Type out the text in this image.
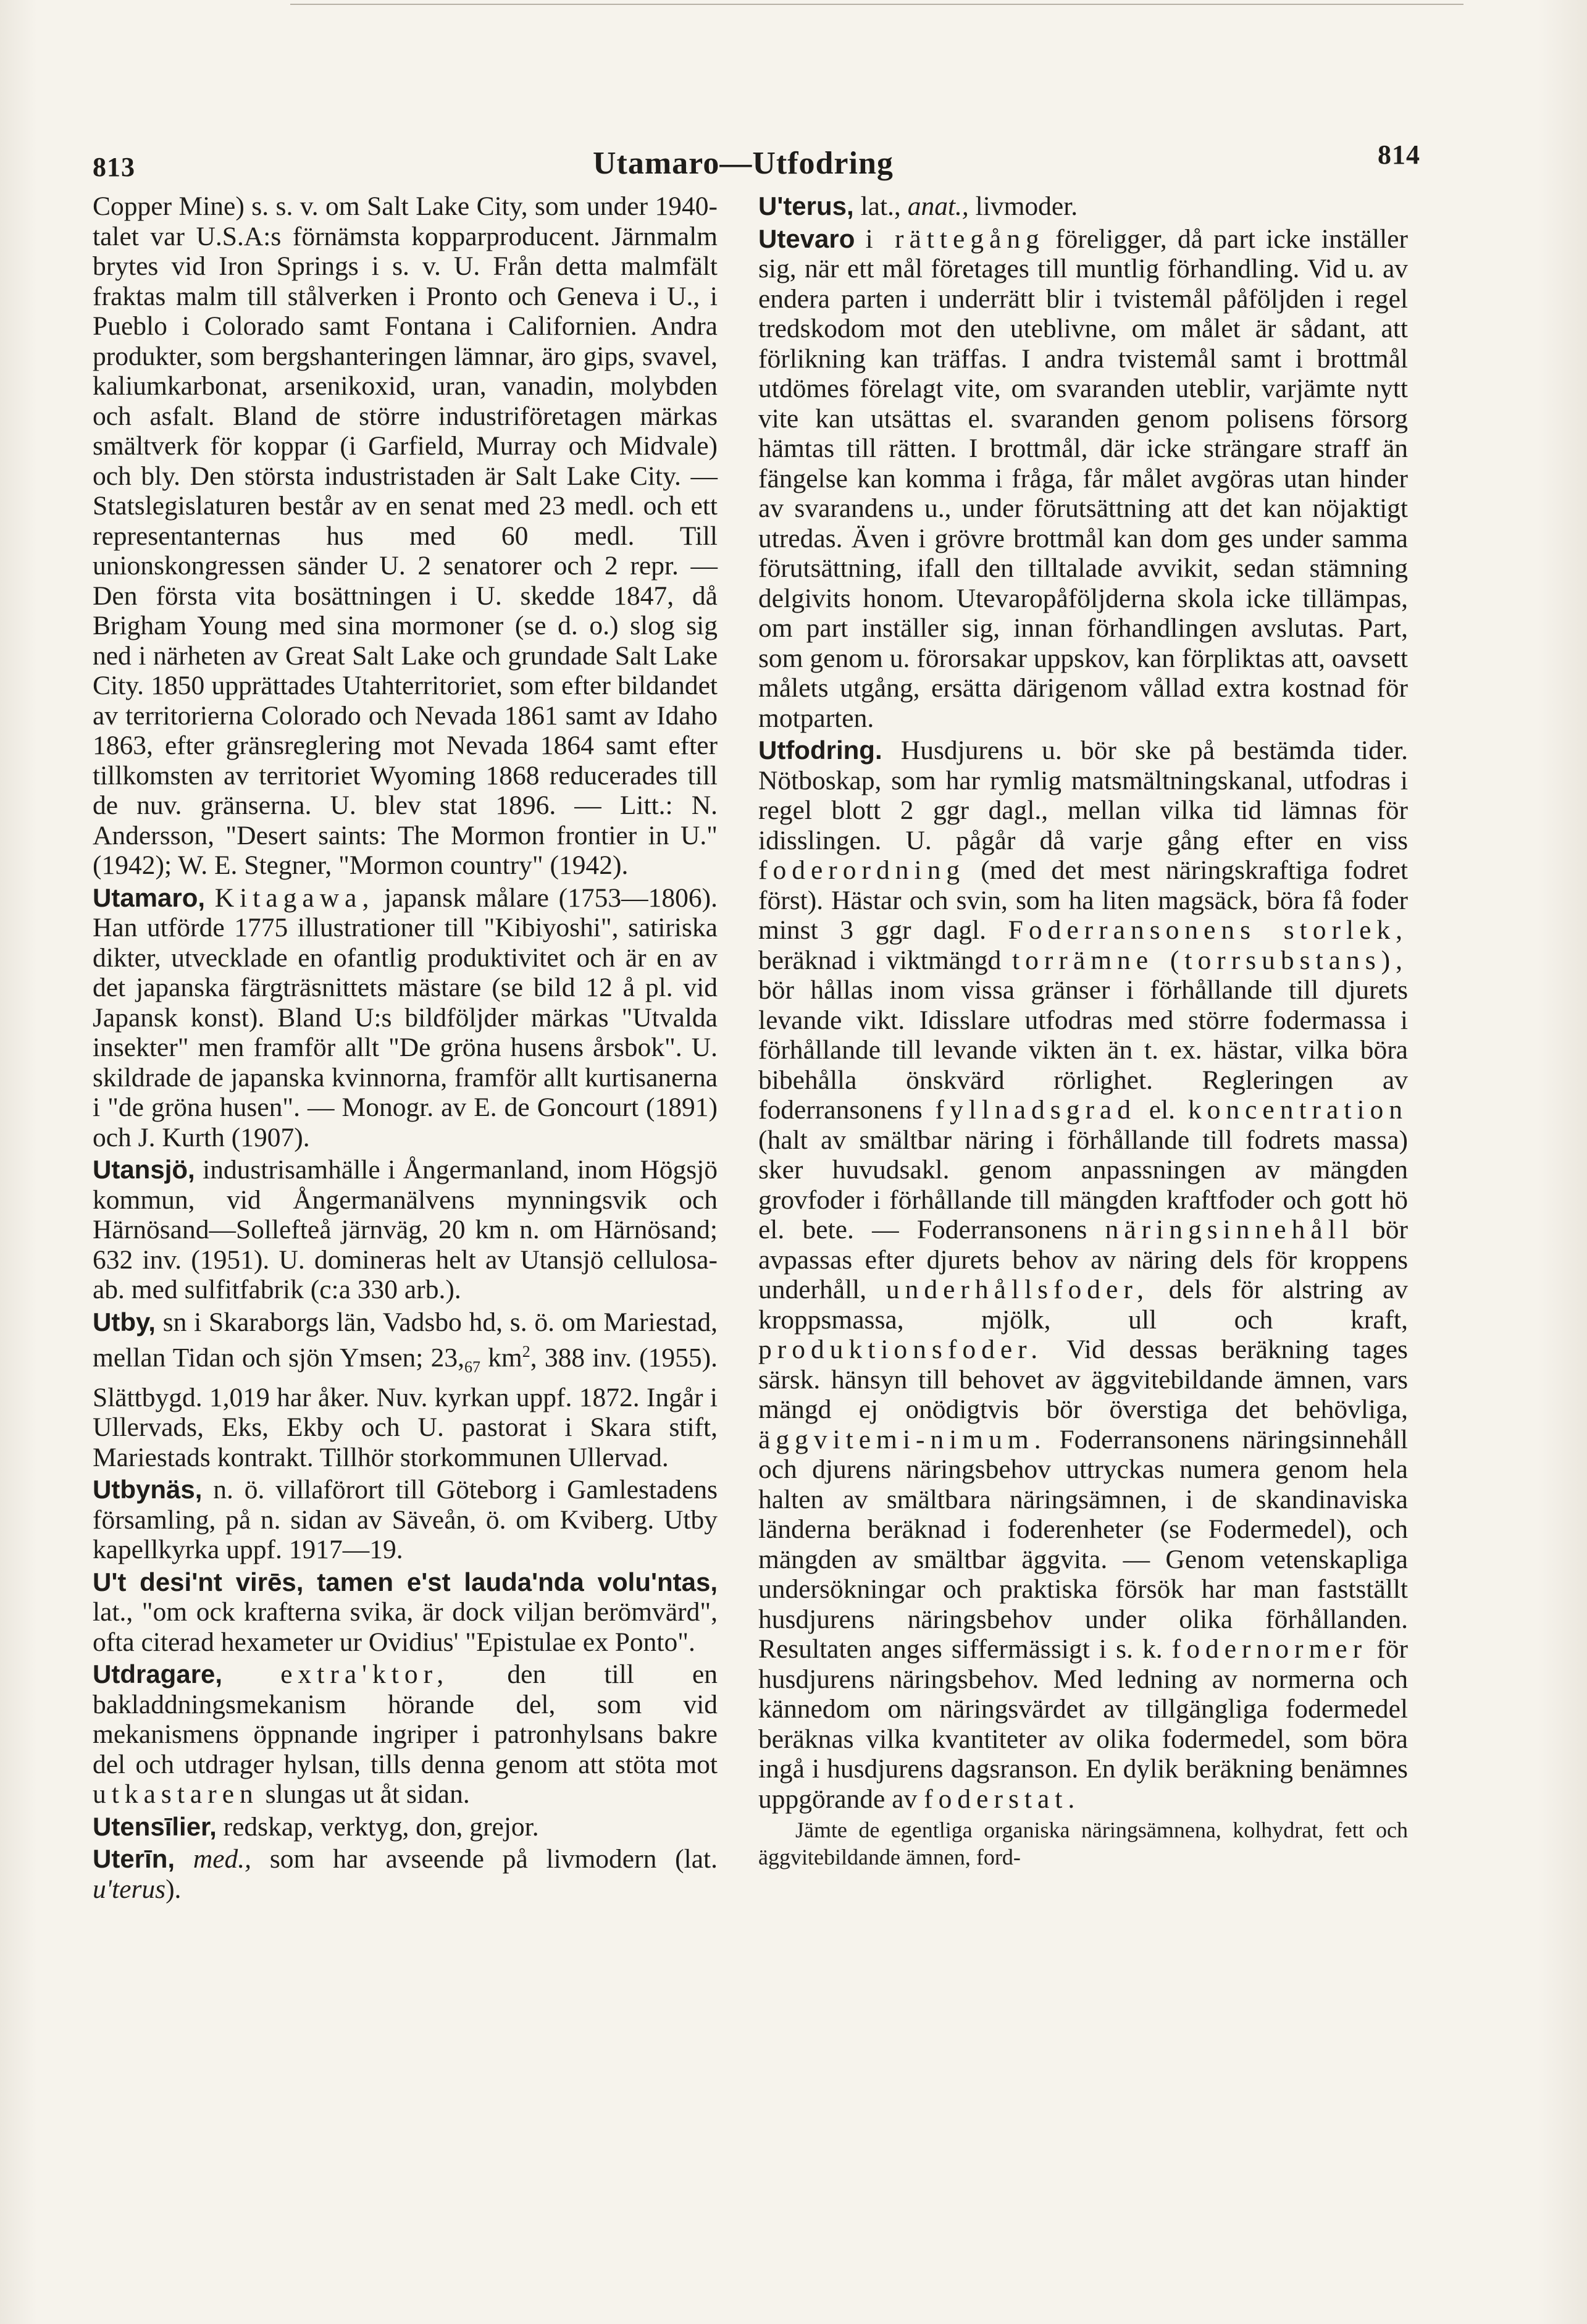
813	Utamaro—Utfodring	814

Copper Mine) s. s. v. om Salt Lake City, som under 1940-talet var U.S.A:s förnämsta kopparproducent. Järnmalm brytes vid Iron Springs i s. v. U. Från detta malmfält fraktas malm till stålverken i Pronto och Geneva i U., i Pueblo i Colorado samt Fontana i Californien. Andra produkter, som bergshanteringen lämnar, äro gips, svavel, kaliumkarbonat, arsenikoxid, uran, vanadin, molybden och asfalt. Bland de större industriföretagen märkas smältverk för koppar (i Garfield, Murray och Midvale) och bly. Den största industristaden är Salt Lake City. — Statslegislaturen består av en senat med 23 medl. och ett representanternas hus med 60 medl. Till unionskongressen sänder U. 2 senatorer och 2 repr. — Den första vita bosättningen i U. skedde 1847, då Brigham Young med sina mormoner (se d. o.) slog sig ned i närheten av Great Salt Lake och grundade Salt Lake City. 1850 upprättades Utahterritoriet, som efter bildandet av territorierna Colorado och Nevada 1861 samt av Idaho 1863, efter gränsreglering mot Nevada 1864 samt efter tillkomsten av territoriet Wyoming 1868 reducerades till de nuv. gränserna. U. blev stat 1896. — Litt.: N. Andersson, "Desert saints: The Mormon frontier in U." (1942); W. E. Stegner, "Mormon country" (1942).

Utamaro, Kitagawa, japansk målare (1753—1806). Han utförde 1775 illustrationer till "Kibiyoshi", satiriska dikter, utvecklade en ofantlig produktivitet och är en av det japanska färgträsnittets mästare (se bild 12 å pl. vid Japansk konst). Bland U:s bildföljder märkas "Utvalda insekter" men framför allt "De gröna husens årsbok". U. skildrade de japanska kvinnorna, framför allt kurtisanerna i "de gröna husen". — Monogr. av E. de Goncourt (1891) och J. Kurth (1907).

Utansjö, industrisamhälle i Ångermanland, inom Högsjö kommun, vid Ångermanälvens mynningsvik och Härnösand—Sollefteå järnväg, 20 km n. om Härnösand; 632 inv. (1951). U. domineras helt av Utansjö cellulosa-ab. med sulfitfabrik (c:a 330 arb.).

Utby, sn i Skaraborgs län, Vadsbo hd, s. ö. om Mariestad, mellan Tidan och sjön Ymsen; $23,_{67}$ $km^2$, 388 inv. (1955). Slättbygd. 1,019 har åker. Nuv. kyrkan uppf. 1872. Ingår i Ullervads, Eks, Ekby och U. pastorat i Skara stift, Mariestads kontrakt. Tillhör storkommunen Ullervad.

Utbynäs, n. ö. villaförort till Göteborg i Gamlestadens församling, på n. sidan av Säveån, ö. om Kviberg. Utby kapellkyrka uppf. 1917—19.

U't desi'nt virēs, tamen e'st lauda'nda volu'ntas, lat., "om ock krafterna svika, är dock viljan berömvärd", ofta citerad hexameter ur Ovidius' "Epistulae ex Ponto".

Utdragare, extra'ktor, den till en bakladdningsmekanism hörande del, som vid mekanismens öppnande ingriper i patronhylsans bakre del och utdrager hylsan, tills denna genom att stöta mot utkastaren slungas ut åt sidan.

Utensīlier, redskap, verktyg, don, grejor.

Uterīn, med., som har avseende på livmodern (lat. u'terus).

U'terus, lat., anat., livmoder.

Utevaro i rättegång föreligger, då part icke inställer sig, när ett mål företages till muntlig förhandling. Vid u. av endera parten i underrätt blir i tvistemål påföljden i regel tredskodom mot den uteblivne, om målet är sådant, att förlikning kan träffas. I andra tvistemål samt i brottmål utdömes förelagt vite, om svaranden uteblir, varjämte nytt vite kan utsättas el. svaranden genom polisens försorg hämtas till rätten. I brottmål, där icke strängare straff än fängelse kan komma i fråga, får målet avgöras utan hinder av svarandens u., under förutsättning att det kan nöjaktigt utredas. Även i grövre brottmål kan dom ges under samma förutsättning, ifall den tilltalade avvikit, sedan stämning delgivits honom. Utevaropåföljderna skola icke tillämpas, om part inställer sig, innan förhandlingen avslutas. Part, som genom u. förorsakar uppskov, kan förpliktas att, oavsett målets utgång, ersätta därigenom vållad extra kostnad för motparten.

Utfodring. Husdjurens u. bör ske på bestämda tider. Nötboskap, som har rymlig matsmältningskanal, utfodras i regel blott 2 ggr dagl., mellan vilka tid lämnas för idisslingen. U. pågår då varje gång efter en viss foderordning (med det mest näringskraftiga fodret först). Hästar och svin, som ha liten magsäck, böra få foder minst 3 ggr dagl. Foderransonens storlek, beräknad i viktmängd torrämne (torrsubstans), bör hållas inom vissa gränser i förhållande till djurets levande vikt. Idisslare utfodras med större fodermassa i förhållande till levande vikten än t. ex. hästar, vilka böra bibehålla önskvärd rörlighet. Regleringen av foderransonens fyllnadsgrad el. koncentration (halt av smältbar näring i förhållande till fodrets massa) sker huvudsakl. genom anpassningen av mängden grovfoder i förhållande till mängden kraftfoder och gott hö el. bete. — Foderransonens näringsinnehåll bör avpassas efter djurets behov av näring dels för kroppens underhåll, underhållsfoder, dels för alstring av kroppsmassa, mjölk, ull och kraft, produktionsfoder. Vid dessas beräkning tages särsk. hänsyn till behovet av äggvitebildande ämnen, vars mängd ej onödigtvis bör överstiga det behövliga, äggvitemi-nimum. Foderransonens näringsinnehåll och djurens näringsbehov uttryckas numera genom hela halten av smältbara näringsämnen, i de skandinaviska länderna beräknad i foderenheter (se Fodermedel), och mängden av smältbar äggvita. — Genom vetenskapliga undersökningar och praktiska försök har man fastställt husdjurens näringsbehov under olika förhållanden. Resultaten anges siffermässigt i s. k. fodernormer för husdjurens näringsbehov. Med ledning av normerna och kännedom om näringsvärdet av tillgängliga fodermedel beräknas vilka kvantiteter av olika fodermedel, som böra ingå i husdjurens dagsranson. En dylik beräkning benämnes uppgörande av foderstat.

Jämte de egentliga organiska näringsämnena, kolhydrat, fett och äggvitebildande ämnen, ford-
